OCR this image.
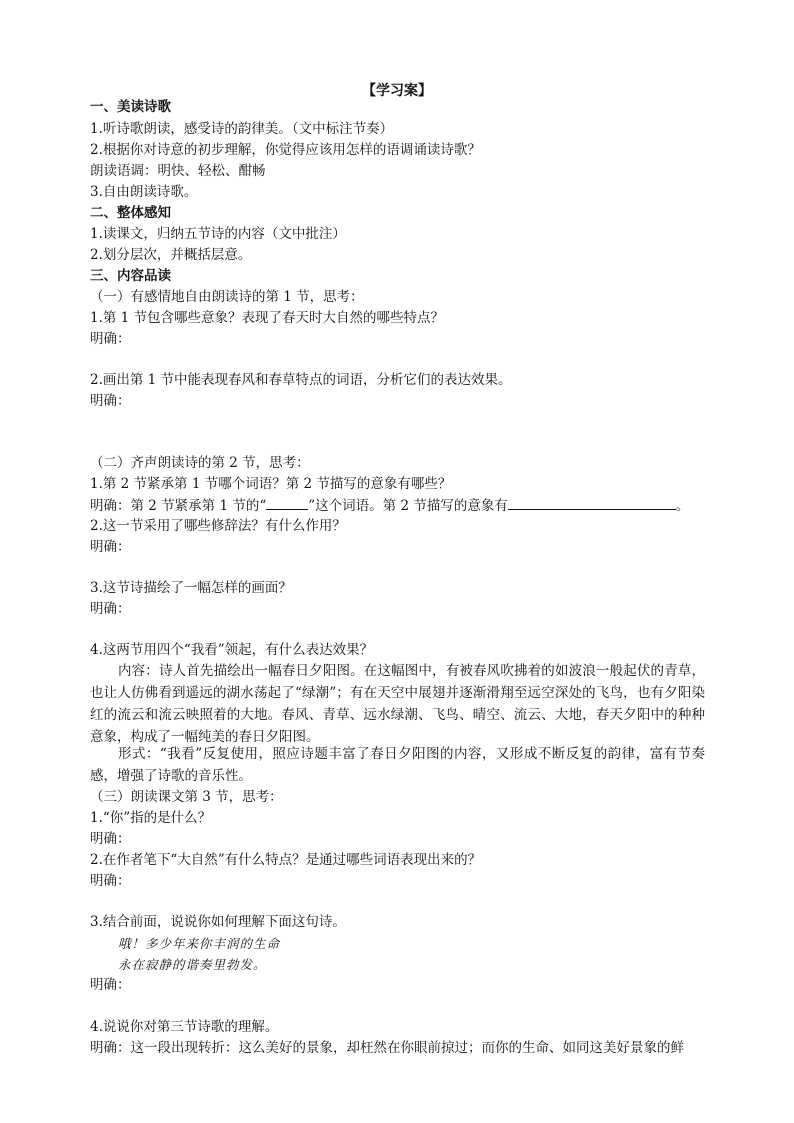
【学习案】
一、美读诗歌
1.听诗歌朗读，感受诗的韵律美。（文中标注节奏）
2.根据你对诗意的初步理解，你觉得应该用怎样的语调诵读诗歌？
朗读语调：明快、轻松、酣畅
3.自由朗读诗歌。
二、整体感知
1.读课文，归纳五节诗的内容（文中批注）
2.划分层次，并概括层意。
三、内容品读
（一）有感情地自由朗读诗的第 1 节，思考：
1.第 1 节包含哪些意象？表现了春天时大自然的哪些特点？
明确：
2.画出第 1 节中能表现春风和春草特点的词语，分析它们的表达效果。
明确：
（二）齐声朗读诗的第 2 节，思考：
1.第 2 节紧承第 1 节哪个词语？第 2 节描写的意象有哪些？
明确：第 2 节紧承第 1 节的“	”这个词语。第 2 节描写的意象有	。
2.这一节采用了哪些修辞法？有什么作用？
明确：
3.这节诗描绘了一幅怎样的画面？
明确：
4.这两节用四个“我看”领起，有什么表达效果？
内容：诗人首先描绘出一幅春日夕阳图。在这幅图中，有被春风吹拂着的如波浪一般起伏的青草，也让人仿佛看到遥远的湖水荡起了“绿潮”；有在天空中展翅并逐渐滑翔至远空深处的飞鸟，也有夕阳染红的流云和流云映照着的大地。春风、青草、远水绿潮、飞鸟、晴空、流云、大地，春天夕阳中的种种意象，构成了一幅纯美的春日夕阳图。
形式：“我看”反复使用，照应诗题丰富了春日夕阳图的内容，又形成不断反复的韵律，富有节奏感，增强了诗歌的音乐性。
（三）朗读课文第 3 节，思考：
1.“你”指的是什么？
明确：
2.在作者笔下“大自然”有什么特点？是通过哪些词语表现出来的？
明确：
3.结合前面，说说你如何理解下面这句诗。
哦！多少年来你丰润的生命
永在寂静的谐奏里勃发。
明确：
4.说说你对第三节诗歌的理解。
明确：这一段出现转折：这么美好的景象，却枉然在你眼前掠过；而你的生命、如同这美好景象的鲜
